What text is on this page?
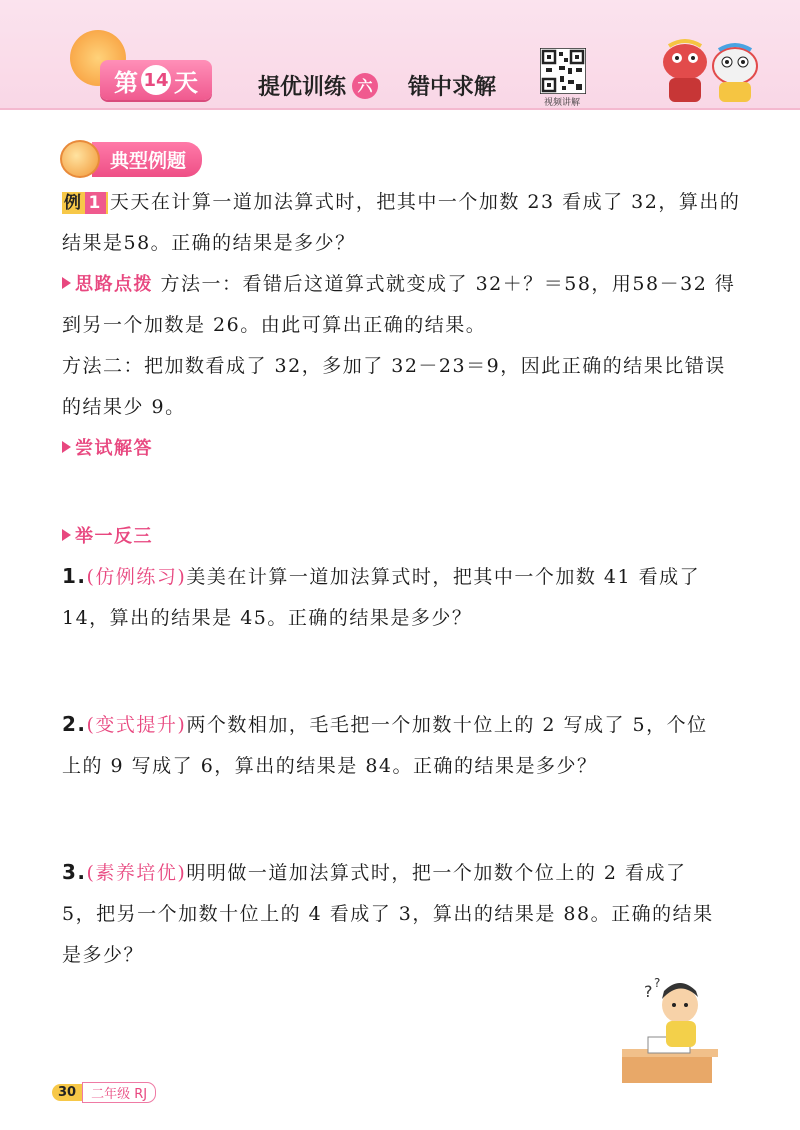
第 14 天	提优训练 六 错中求解
视频讲解
典型例题
例 1 天天在计算一道加法算式时，把其中一个加数 23 看成了 32，算出的
结果是58。正确的结果是多少？
思路点拨 方法一：看错后这道算式就变成了 32＋？＝58，用58－32 得
到另一个加数是 26。由此可算出正确的结果。
方法二：把加数看成了 32，多加了 32－23＝9，因此正确的结果比错误
的结果少 9。
尝试解答
举一反三
1.(仿例练习)美美在计算一道加法算式时，把其中一个加数 41 看成了
14，算出的结果是 45。正确的结果是多少？
2.(变式提升)两个数相加，毛毛把一个加数十位上的 2 写成了 5，个位
上的 9 写成了 6，算出的结果是 84。正确的结果是多少？
3.(素养培优)明明做一道加法算式时，把一个加数个位上的 2 看成了
5，把另一个加数十位上的 4 看成了 3，算出的结果是 88。正确的结果
是多少？
? ?
30	二年级 RJ
